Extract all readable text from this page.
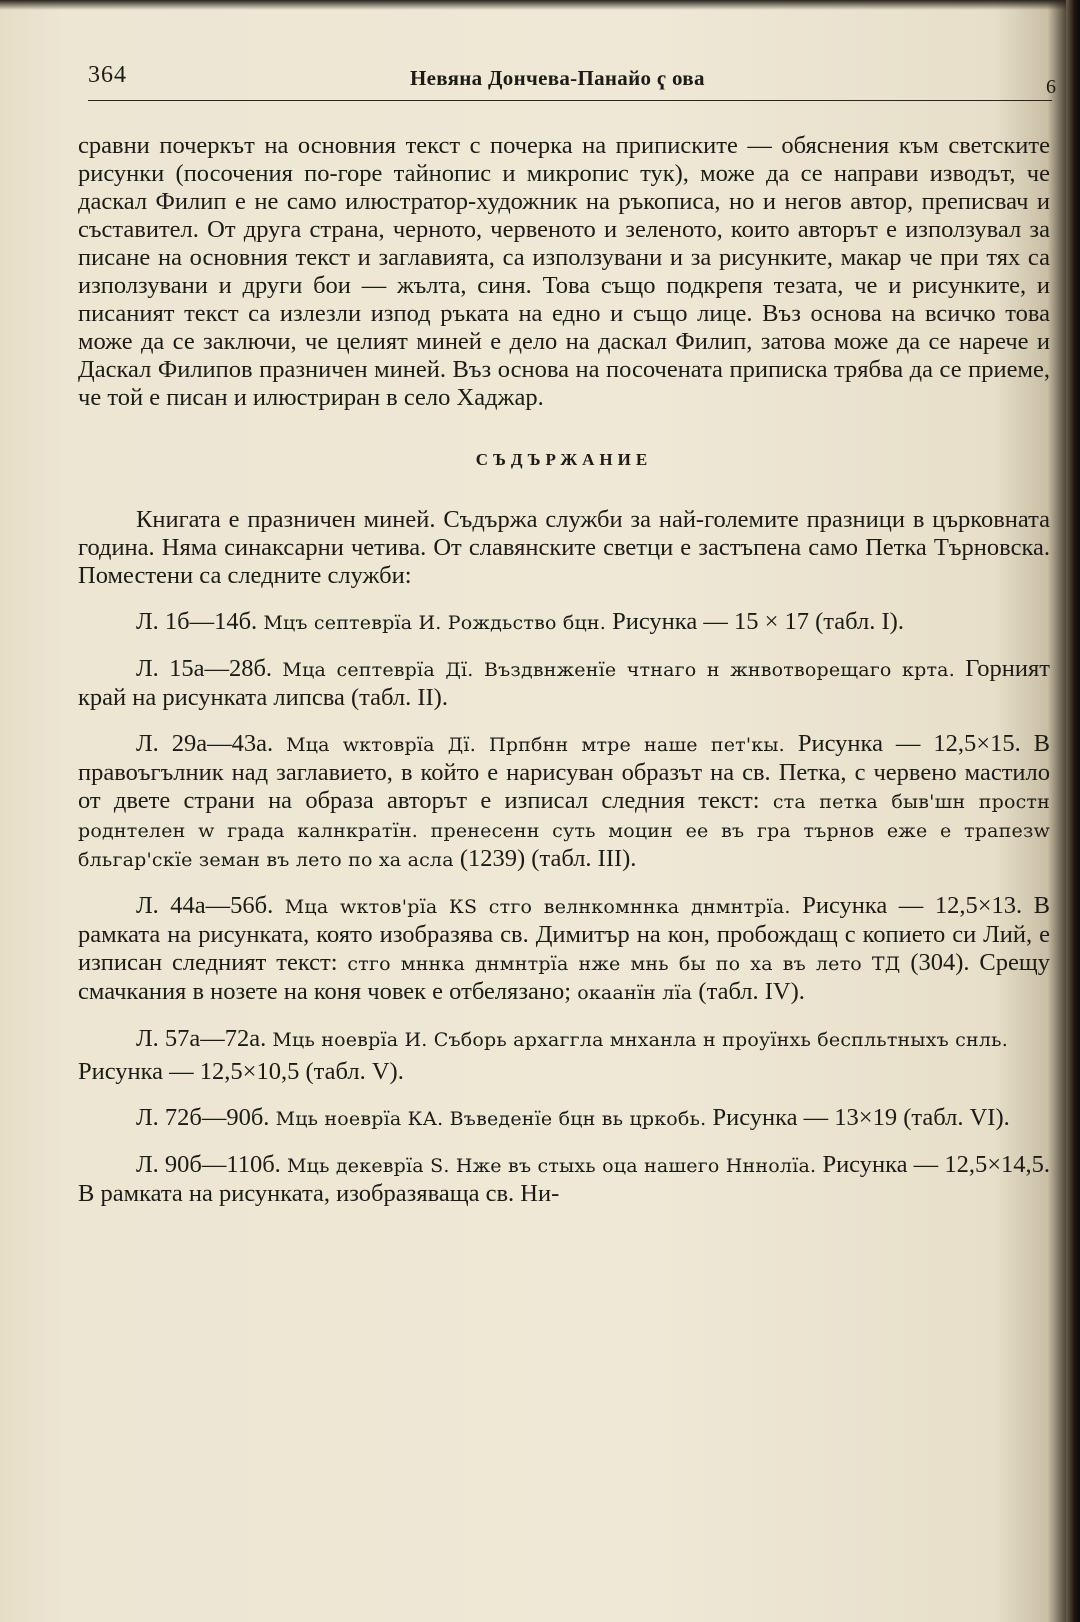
364	Невяна Дончева-Панайо ҁ ова	6

сравни почеркът на основния текст с почерка на приписките — обяснения към светските рисунки (посочения по-горе тайнопис и микропис тук), може да се направи изводът, че даскал Филип е не само илюстратор-художник на ръкописа, но и негов автор, преписвач и съставител. От друга страна, черното, червеното и зеленото, които авторът е използувал за писане на основния текст и заглавията, са използувани и за рисунките, макар че при тях са използувани и други бои — жълта, синя. Това също подкрепя тезата, че и рисунките, и писаният текст са излезли изпод ръката на едно и също лице. Въз основа на всичко това може да се заключи, че целият миней е дело на даскал Филип, затова може да се нарече и Даскал Филипов празничен миней. Въз основа на посочената приписка трябва да се приеме, че той е писан и илюстриран в село Хаджар.

СЪДЪРЖАНИЕ

Книгата е празничен миней. Съдържа служби за най-големите празници в църковната година. Няма синаксарни четива. От славянските светци е застъпена само Петка Търновска. Поместени са следните служби:

Л. 1б—14б. Мцъ септеврїа И. Рождьство бцн. Рисунка — 15 × 17 (табл. I).

Л. 15а—28б. Мца септеврїа Дї. Въздвнженїе чтнаго н жнвотворещаго крта. Горният край на рисунката липсва (табл. II).

Л. 29а—43а. Мца wктоврїа Дї. Прпбнн мтре наше пет'кы. Рисунка — 12,5×15. В правоъгълник над заглавието, в който е нарисуван образът на св. Петка, с червено мастило от двете страни на образа авторът е изписал следния текст: ста петка быв'шн простн роднтелен w града калнкратїн. пренесенн суть моцин ее въ гра търнов еже е трапезw бльгар'скїе земан въ лето по ха асла (1239) (табл. III).

Л. 44а—56б. Мца wктов'рїа КЅ стго велнкомннка днмнтрїа. Рисунка — 12,5×13. В рамката на рисунката, която изобразява св. Димитър на кон, пробождащ с копието си Лий, е изписан следният текст: стго мннка днмнтрїа нже мнь бы по ха въ лето ТД (304). Срещу смачкания в нозете на коня човек е отбелязано; окаанїн лїа (табл. IV).

Л. 57а—72а. Мць ноеврїа И. Събоpь архагглa мнханла н проуїнхь беспльтныхъ снль.

Рисунка — 12,5×10,5 (табл. V).

Л. 72б—90б. Мць ноеврїа КА. Въведенїе бцн вь цркобь. Рисунка — 13×19 (табл. VI).

Л. 90б—110б. Мць декеврїа Ѕ. Нже въ стыхь оца нашего Нннолїа. Рисунка — 12,5×14,5. В рамката на рисунката, изобразяваща св. Ни-
